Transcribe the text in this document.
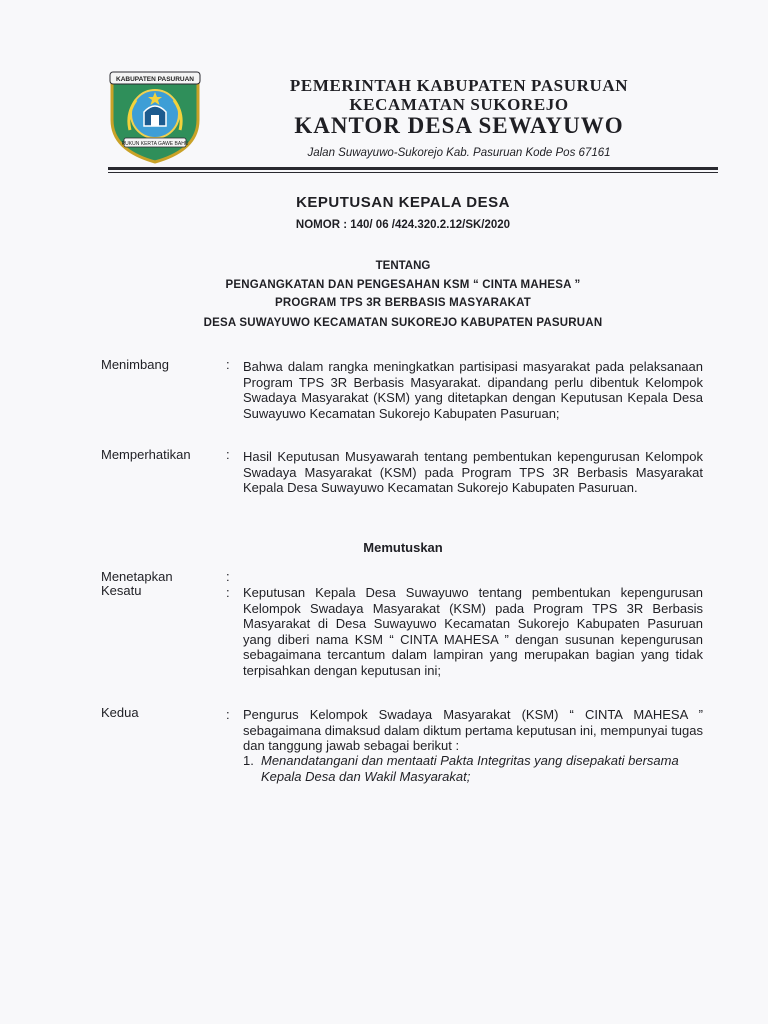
KABUPATEN PASURUAN
RUKUN KERTA GAWE BAHU
PEMERINTAH KABUPATEN PASURUAN
KECAMATAN SUKOREJO
KANTOR DESA SEWAYUWO
Jalan Suwayuwo-Sukorejo Kab. Pasuruan Kode Pos 67161
KEPUTUSAN KEPALA DESA
NOMOR : 140/ 06 /424.320.2.12/SK/2020
TENTANG
PENGANGKATAN DAN PENGESAHAN KSM “ CINTA MAHESA ”
PROGRAM TPS 3R BERBASIS MASYARAKAT
DESA SUWAYUWO KECAMATAN SUKOREJO KABUPATEN PASURUAN
Menimbang	: Bahwa dalam rangka meningkatkan partisipasi masyarakat pada pelaksanaan Program TPS 3R Berbasis Masyarakat. dipandang perlu dibentuk Kelompok Swadaya Masyarakat (KSM) yang ditetapkan dengan Keputusan Kepala Desa Suwayuwo Kecamatan Sukorejo Kabupaten Pasuruan;

Memperhatikan	: Hasil Keputusan Musyawarah tentang pembentukan kepengurusan Kelompok Swadaya Masyarakat (KSM) pada Program TPS 3R Berbasis Masyarakat Kepala Desa Suwayuwo Kecamatan Sukorejo Kabupaten Pasuruan.

Memutuskan
Menetapkan	:
Kesatu	: Keputusan Kepala Desa Suwayuwo tentang pembentukan kepengurusan Kelompok Swadaya Masyarakat (KSM) pada Program TPS 3R Berbasis Masyarakat di Desa Suwayuwo Kecamatan Sukorejo Kabupaten Pasuruan yang diberi nama KSM “ CINTA MAHESA ” dengan susunan kepengurusan sebagaimana tercantum dalam lampiran yang merupakan bagian yang tidak terpisahkan dengan keputusan ini;

Kedua	: Pengurus Kelompok Swadaya Masyarakat (KSM) “ CINTA MAHESA ” sebagaimana dimaksud dalam diktum pertama keputusan ini, mempunyai tugas dan tanggung jawab sebagai berikut :

1. Menandatangani dan mentaati Pakta Integritas yang disepakati bersama Kepala Desa dan Wakil Masyarakat;
